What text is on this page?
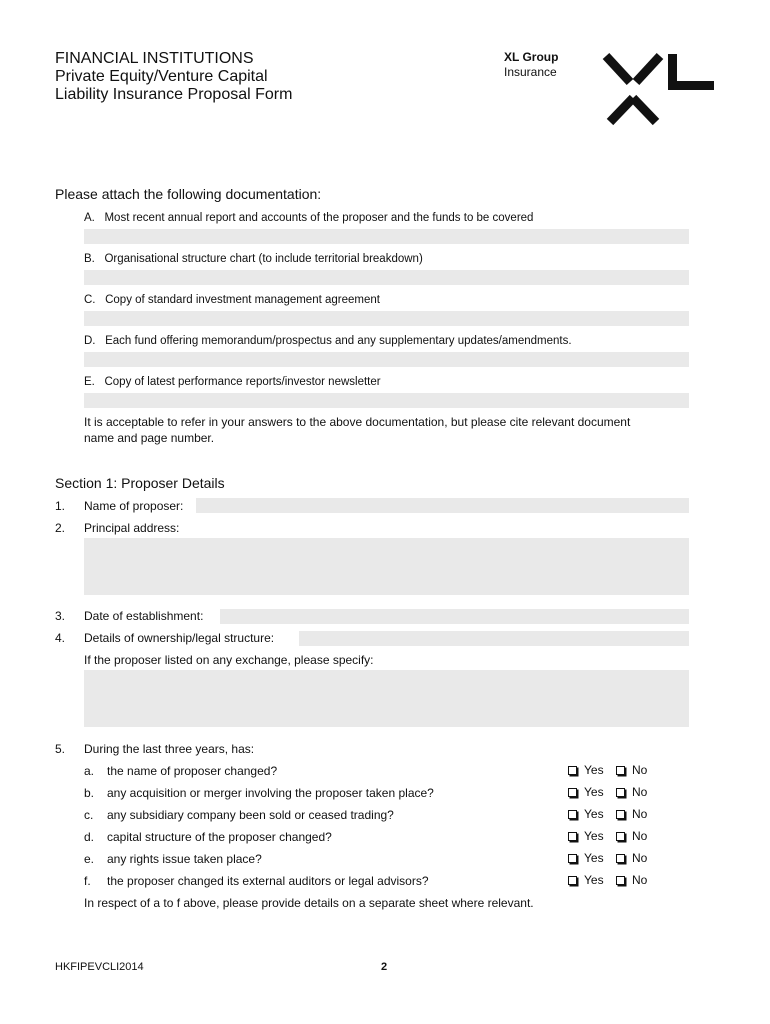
FINANCIAL INSTITUTIONS
Private Equity/Venture Capital
Liability Insurance Proposal Form
XL Group
Insurance
Please attach the following documentation:
A. Most recent annual report and accounts of the proposer and the funds to be covered
B. Organisational structure chart (to include territorial breakdown)
C. Copy of standard investment management agreement
D. Each fund offering memorandum/prospectus and any supplementary updates/amendments.
E. Copy of latest performance reports/investor newsletter
It is acceptable to refer in your answers to the above documentation, but please cite relevant document
name and page number.
Section 1: Proposer Details
1. Name of proposer:
2. Principal address:
3. Date of establishment:
4. Details of ownership/legal structure:
If the proposer listed on any exchange, please specify:
5. During the last three years, has:
a. the name of proposer changed?	Yes No
b. any acquisition or merger involving the proposer taken place?	Yes No
c. any subsidiary company been sold or ceased trading?	Yes No
d. capital structure of the proposer changed?	Yes No
e. any rights issue taken place?	Yes No
f. the proposer changed its external auditors or legal advisors?	Yes No
In respect of a to f above, please provide details on a separate sheet where relevant.
HKFIPEVCLI2014	2
